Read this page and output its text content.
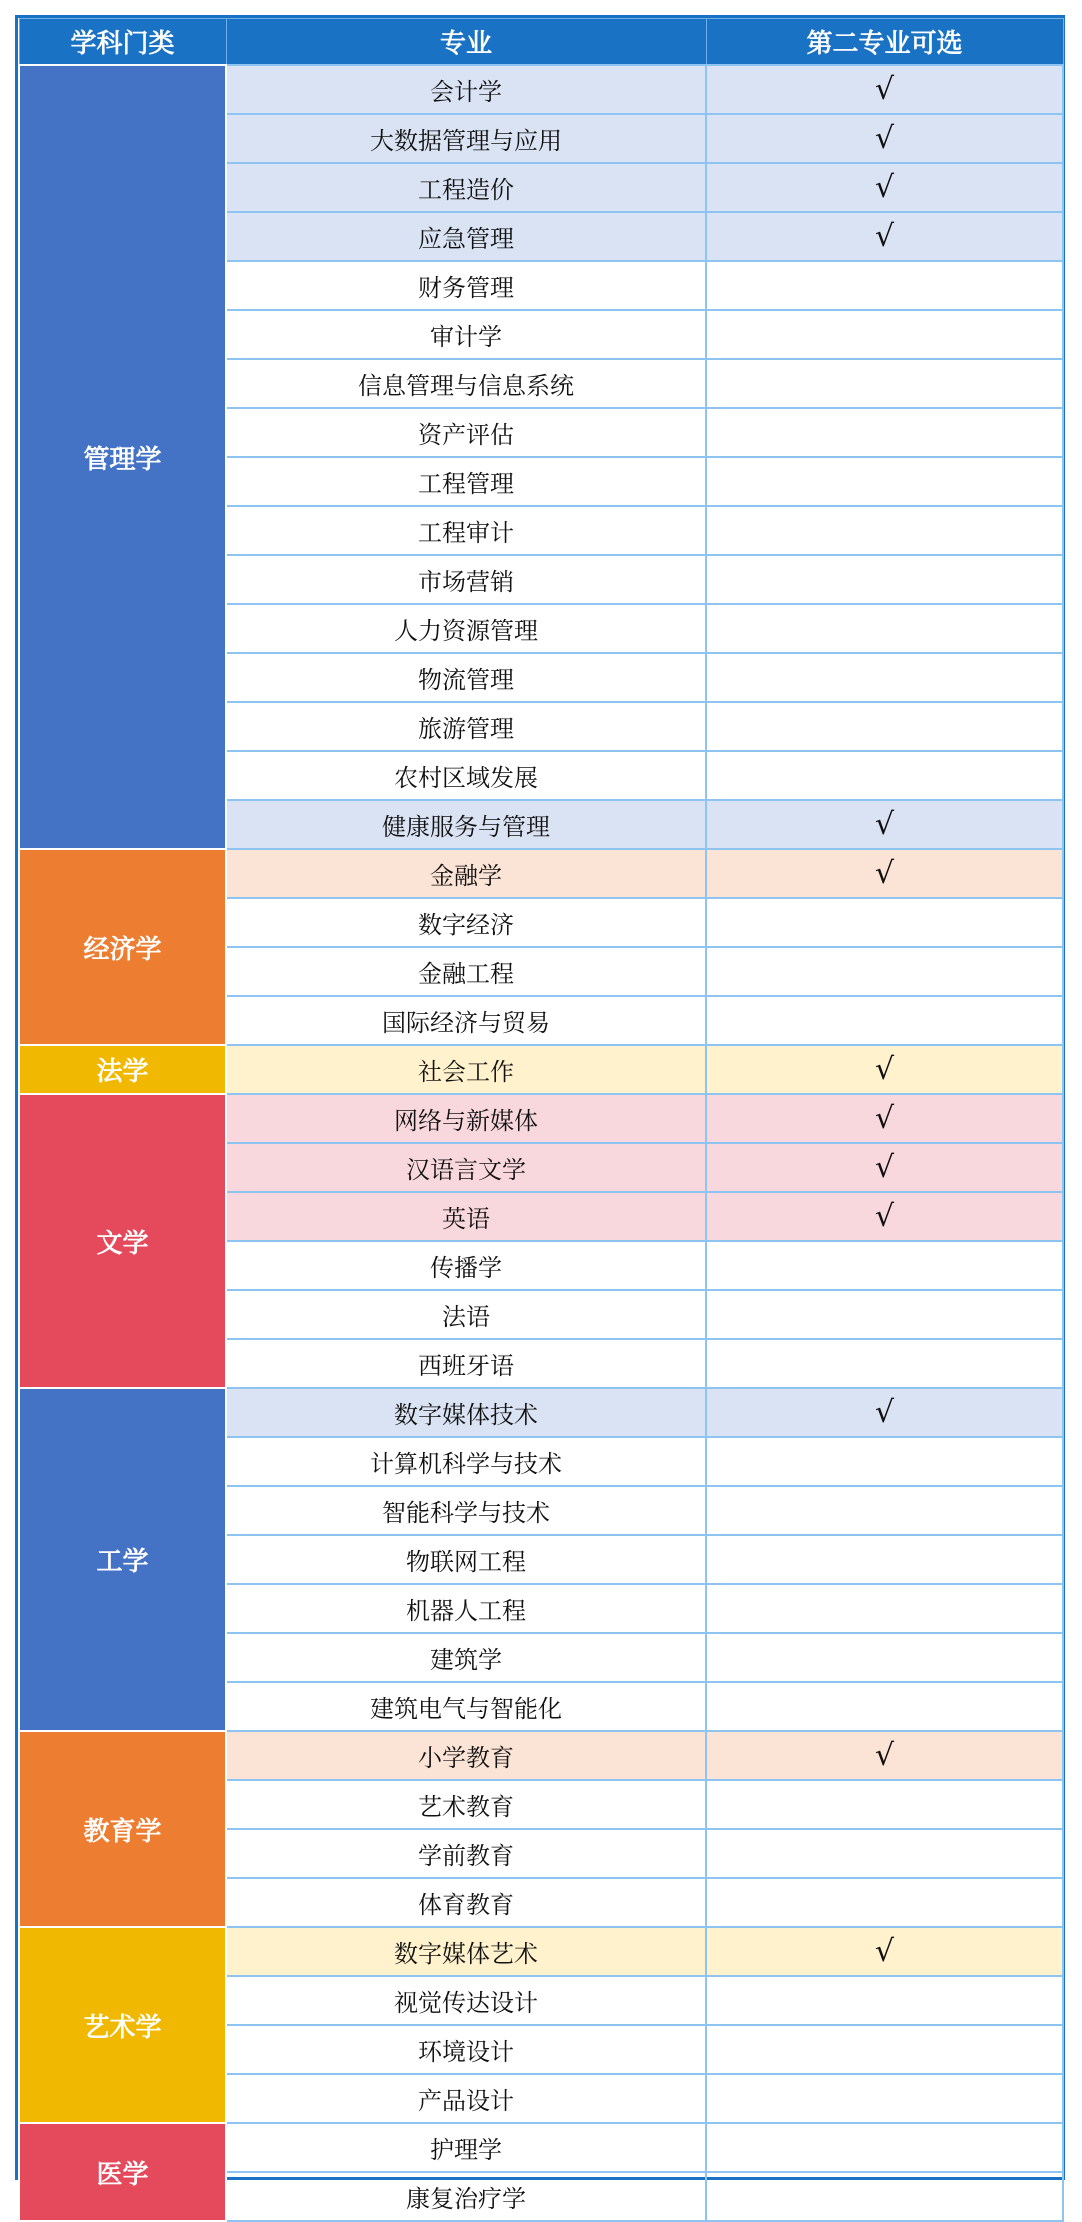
学科门类	专业	第二专业可选
管理学	会计学	√
	大数据管理与应用	√
	工程造价	√
	应急管理	√
	财务管理	
	审计学	
	信息管理与信息系统	
	资产评估	
	工程管理	
	工程审计	
	市场营销	
	人力资源管理	
	物流管理	
	旅游管理	
	农村区域发展	
	健康服务与管理	√
经济学	金融学	√
	数字经济	
	金融工程	
	国际经济与贸易	
法学	社会工作	√
文学	网络与新媒体	√
	汉语言文学	√
	英语	√
	传播学	
	法语	
	西班牙语	
工学	数字媒体技术	√
	计算机科学与技术	
	智能科学与技术	
	物联网工程	
	机器人工程	
	建筑学	
	建筑电气与智能化	
教育学	小学教育	√
	艺术教育	
	学前教育	
	体育教育	
艺术学	数字媒体艺术	√
	视觉传达设计	
	环境设计	
	产品设计	
医学	护理学	
	康复治疗学	
